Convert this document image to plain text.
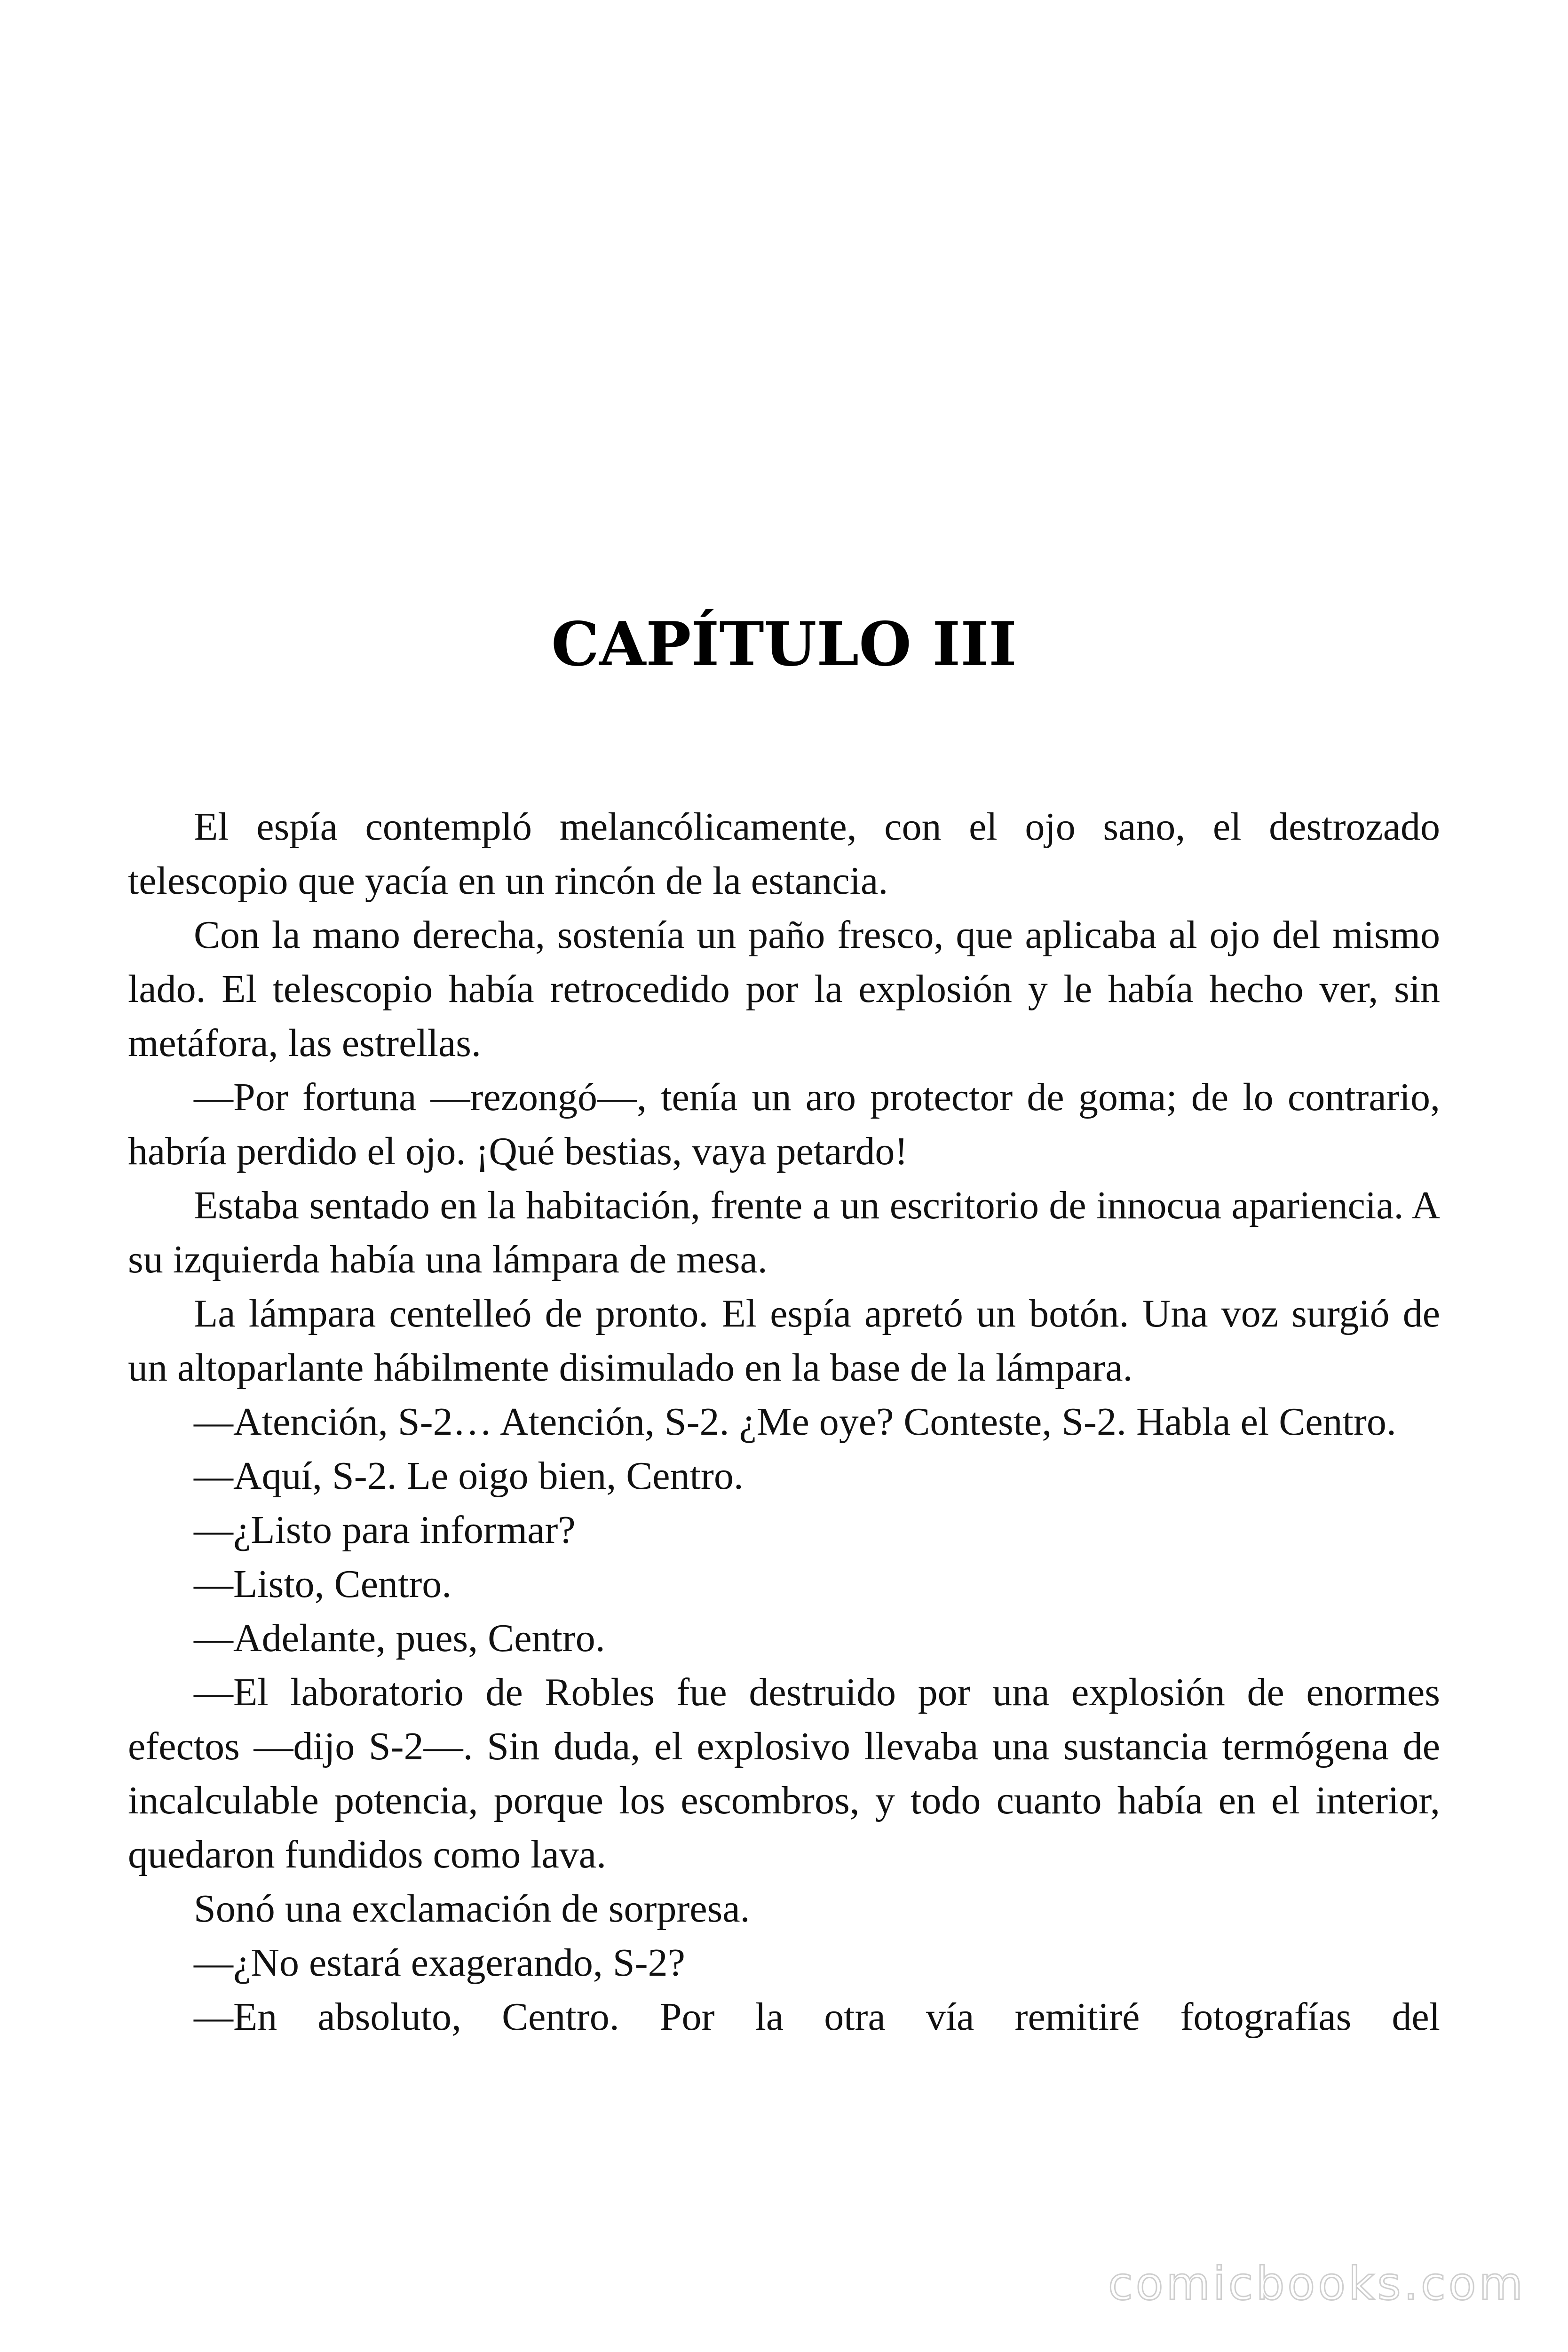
CAPÍTULO III

El espía contempló melancólicamente, con el ojo sano, el destrozado telescopio que yacía en un rincón de la estancia.

Con la mano derecha, sostenía un paño fresco, que aplicaba al ojo del mismo lado. El telescopio había retrocedido por la explosión y le había hecho ver, sin metáfora, las estrellas.

—Por fortuna —rezongó—, tenía un aro protector de goma; de lo contrario, habría perdido el ojo. ¡Qué bestias, vaya petardo!

Estaba sentado en la habitación, frente a un escritorio de innocua apariencia. A su izquierda había una lámpara de mesa.

La lámpara centelleó de pronto. El espía apretó un botón. Una voz surgió de un altoparlante hábilmente disimulado en la base de la lámpara.

—Atención, S-2… Atención, S-2. ¿Me oye? Conteste, S-2. Habla el Centro.

—Aquí, S-2. Le oigo bien, Centro.

—¿Listo para informar?

—Listo, Centro.

—Adelante, pues, Centro.

—El laboratorio de Robles fue destruido por una explosión de enormes efectos —dijo S-2—. Sin duda, el explosivo llevaba una sustancia termógena de incalculable potencia, porque los escombros, y todo cuanto había en el interior, quedaron fundidos como lava.

Sonó una exclamación de sorpresa.

—¿No estará exagerando, S-2?

—En absoluto, Centro. Por la otra vía remitiré fotografías del

comicbooks.com
